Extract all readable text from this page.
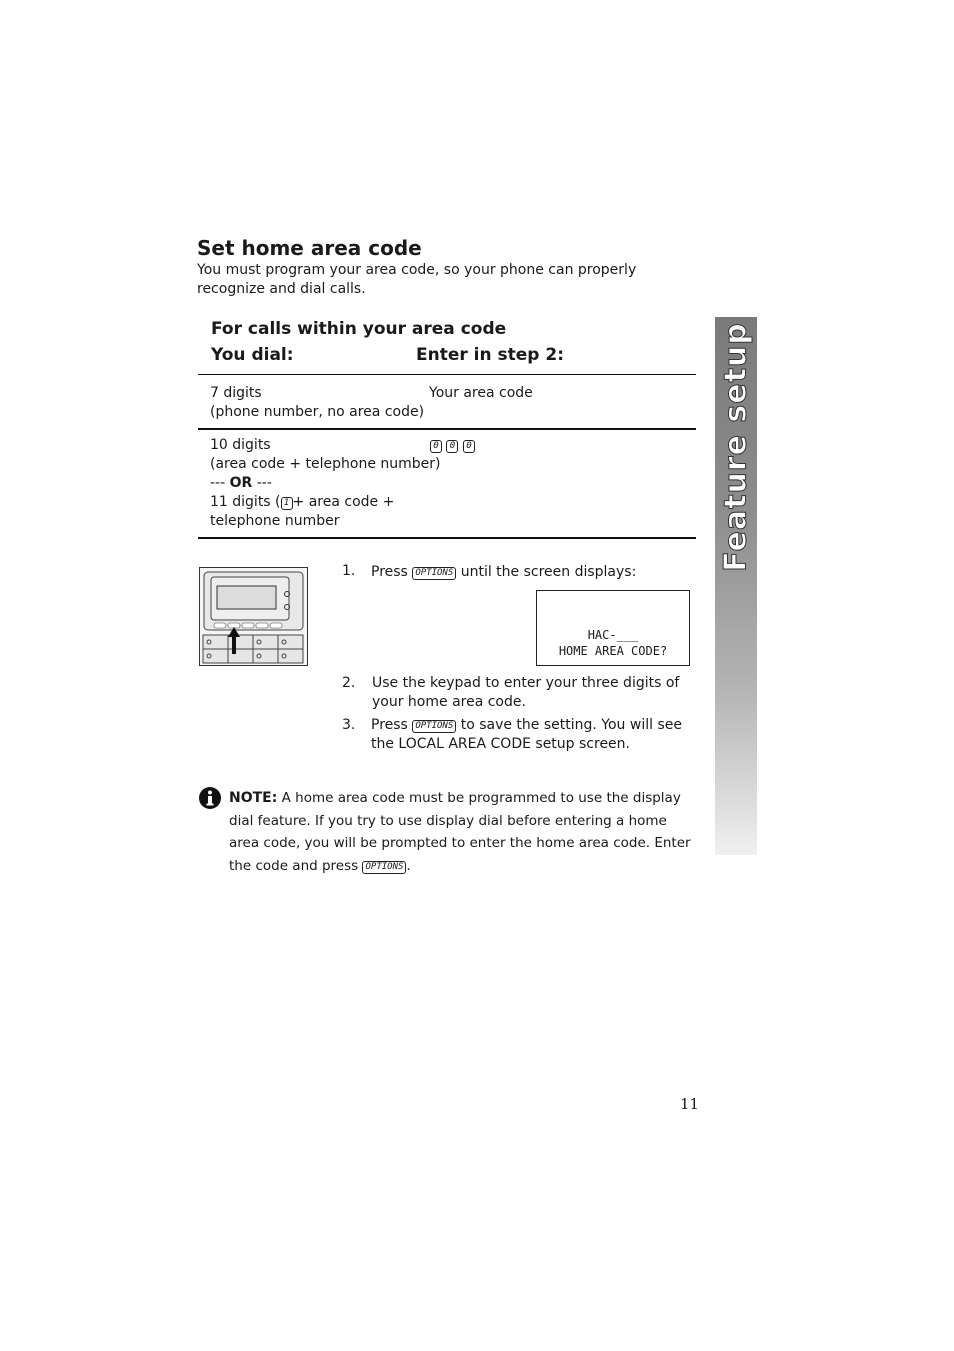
Set home area code
You must program your area code, so your phone can properly recognize and dial calls.
For calls within your area code
You dial:	Enter in step 2:
7 digits
(phone number, no area code)
Your area code
10 digits
(area code + telephone number)
--- OR ---
11 digits ( 1 + area code +
telephone number
0 0 0
1. Press OPTIONS until the screen displays:
HAC-___
HOME AREA CODE?
2. Use the keypad to enter your three digits of your home area code.
3. Press OPTIONS to save the setting. You will see the LOCAL AREA CODE setup screen.
NOTE: A home area code must be programmed to use the display dial feature. If you try to use display dial before entering a home area code, you will be prompted to enter the home area code. Enter the code and press OPTIONS .
Feature setup
11
